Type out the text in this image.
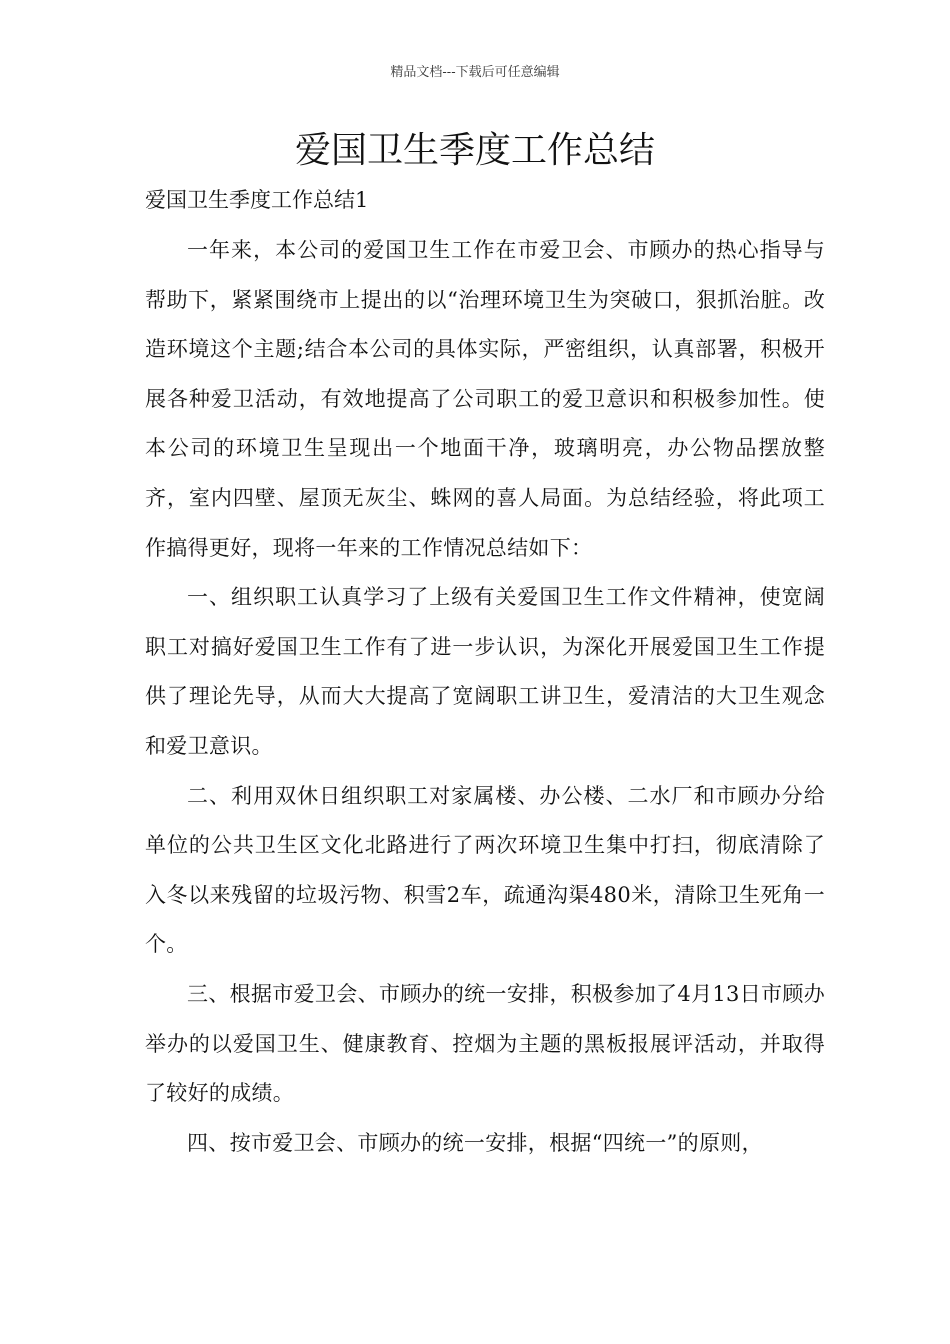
精品文档---下载后可任意编辑
爱国卫生季度工作总结
爱国卫生季度工作总结1

一年来，本公司的爱国卫生工作在市爱卫会、市顾办的热心指导与帮助下，紧紧围绕市上提出的以“治理环境卫生为突破口，狠抓治脏。改造环境这个主题;结合本公司的具体实际，严密组织，认真部署，积极开展各种爱卫活动，有效地提高了公司职工的爱卫意识和积极参加性。使本公司的环境卫生呈现出一个地面干净，玻璃明亮，办公物品摆放整齐，室内四壁、屋顶无灰尘、蛛网的喜人局面。为总结经验，将此项工作搞得更好，现将一年来的工作情况总结如下：

一、组织职工认真学习了上级有关爱国卫生工作文件精神，使宽阔职工对搞好爱国卫生工作有了进一步认识，为深化开展爱国卫生工作提供了理论先导，从而大大提高了宽阔职工讲卫生，爱清洁的大卫生观念和爱卫意识。

二、利用双休日组织职工对家属楼、办公楼、二水厂和市顾办分给单位的公共卫生区文化北路进行了两次环境卫生集中打扫，彻底清除了入冬以来残留的垃圾污物、积雪2车，疏通沟渠480米，清除卫生死角一个。

三、根据市爱卫会、市顾办的统一安排，积极参加了4月13日市顾办举办的以爱国卫生、健康教育、控烟为主题的黑板报展评活动，并取得了较好的成绩。

四、按市爱卫会、市顾办的统一安排，根据“四统一”的原则，
